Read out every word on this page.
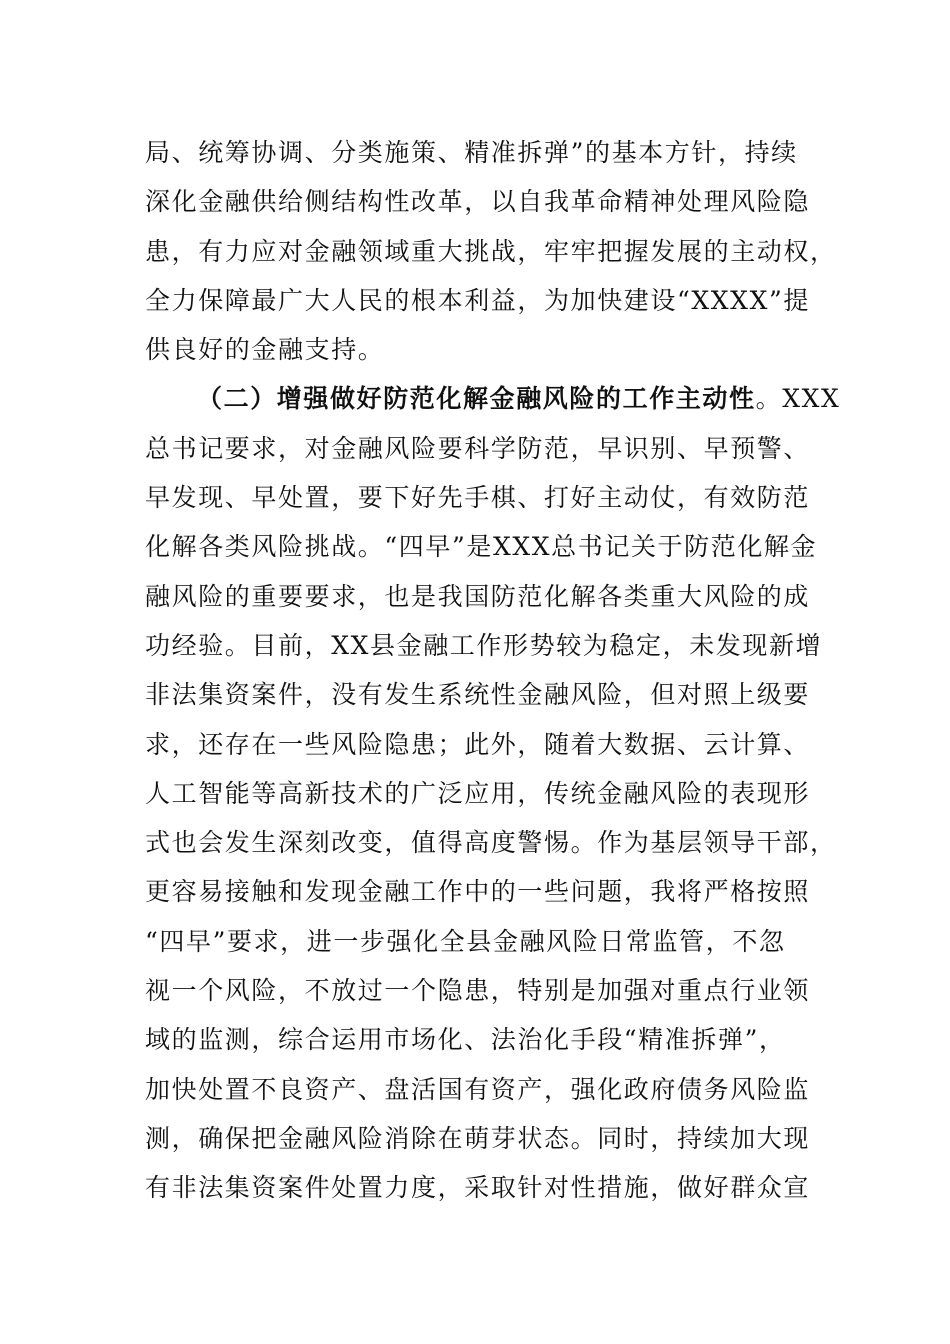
局、统筹协调、分类施策、精准拆弹”的基本方针，持续
深化金融供给侧结构性改革，以自我革命精神处理风险隐
患，有力应对金融领域重大挑战，牢牢把握发展的主动权，
全力保障最广大人民的根本利益，为加快建设“XXXX”提
供良好的金融支持。
（二）增强做好防范化解金融风险的工作主动性。XXX
总书记要求，对金融风险要科学防范，早识别、早预警、
早发现、早处置，要下好先手棋、打好主动仗，有效防范
化解各类风险挑战。“四早”是XXX总书记关于防范化解金
融风险的重要要求，也是我国防范化解各类重大风险的成
功经验。目前，XX县金融工作形势较为稳定，未发现新增
非法集资案件，没有发生系统性金融风险，但对照上级要
求，还存在一些风险隐患；此外，随着大数据、云计算、
人工智能等高新技术的广泛应用，传统金融风险的表现形
式也会发生深刻改变，值得高度警惕。作为基层领导干部，
更容易接触和发现金融工作中的一些问题，我将严格按照
“四早”要求，进一步强化全县金融风险日常监管，不忽
视一个风险，不放过一个隐患，特别是加强对重点行业领
域的监测，综合运用市场化、法治化手段“精准拆弹”，
加快处置不良资产、盘活国有资产，强化政府债务风险监
测，确保把金融风险消除在萌芽状态。同时，持续加大现
有非法集资案件处置力度，采取针对性措施，做好群众宣
